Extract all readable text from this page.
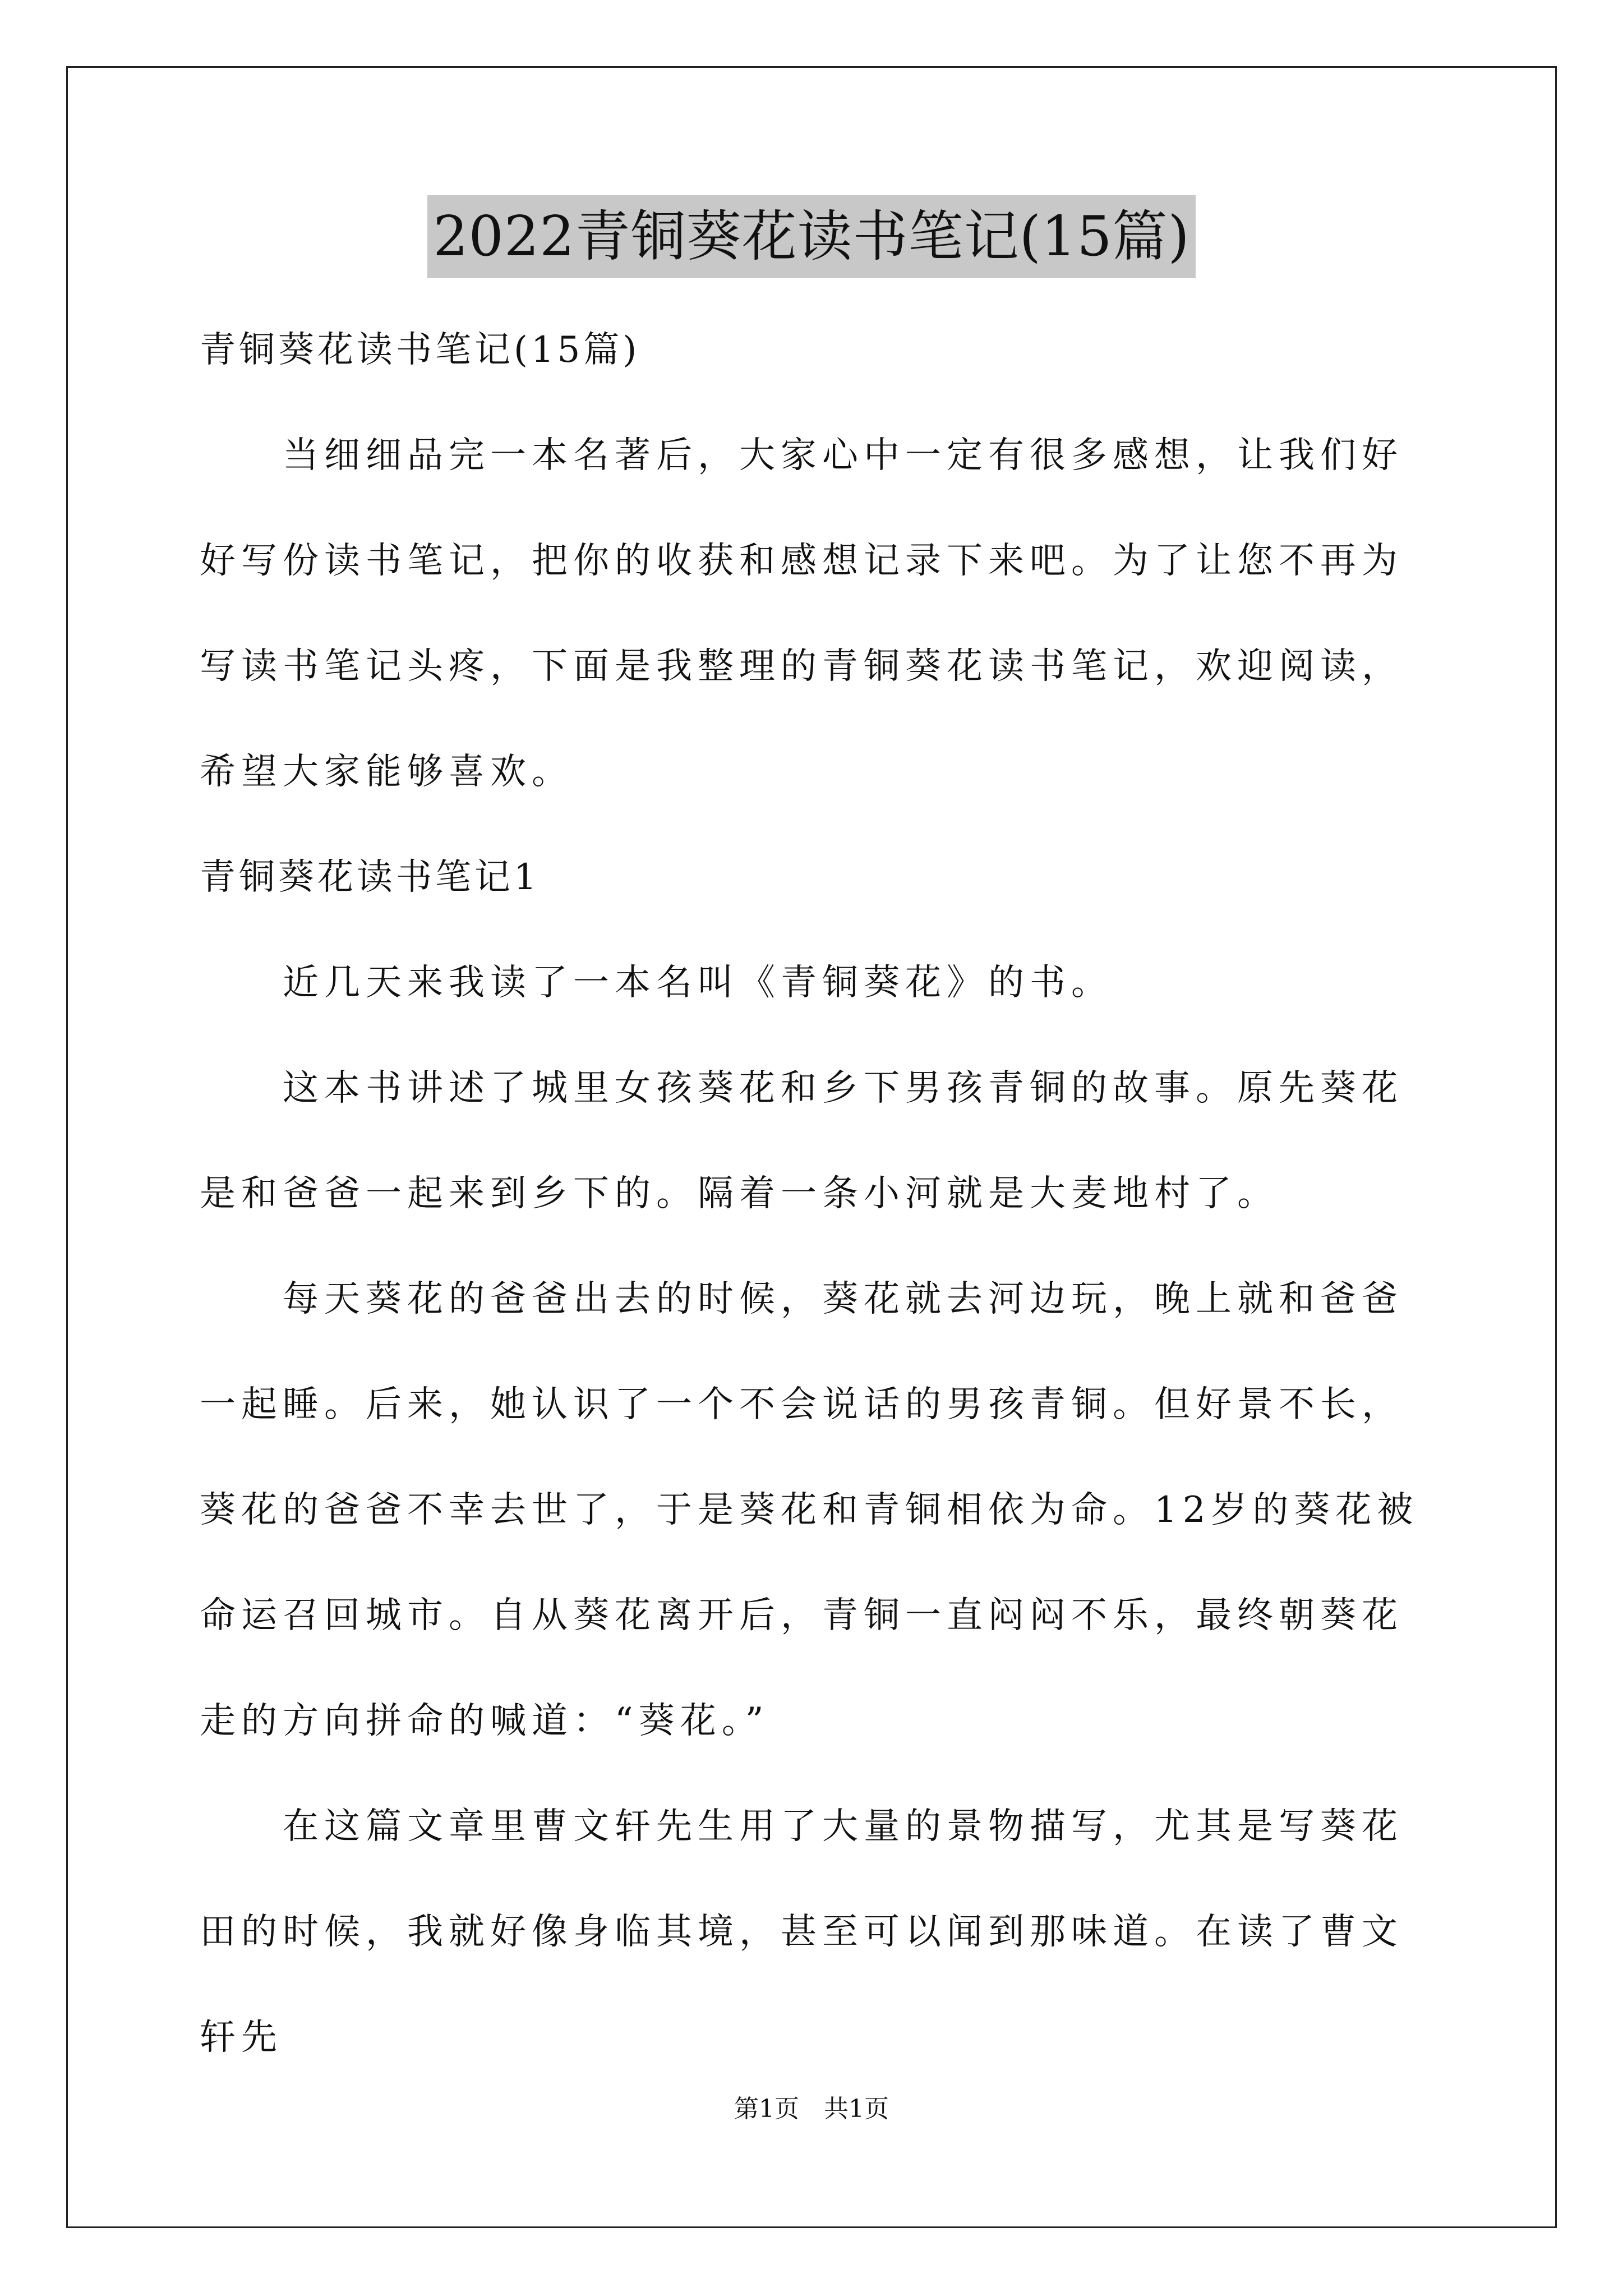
2022青铜葵花读书笔记(15篇)

青铜葵花读书笔记(15篇)

当细细品完一本名著后，大家心中一定有很多感想，让我们好好写份读书笔记，把你的收获和感想记录下来吧。为了让您不再为写读书笔记头疼，下面是我整理的青铜葵花读书笔记，欢迎阅读，希望大家能够喜欢。

青铜葵花读书笔记1

近几天来我读了一本名叫《青铜葵花》的书。

这本书讲述了城里女孩葵花和乡下男孩青铜的故事。原先葵花是和爸爸一起来到乡下的。隔着一条小河就是大麦地村了。

每天葵花的爸爸出去的时候，葵花就去河边玩，晚上就和爸爸一起睡。后来，她认识了一个不会说话的男孩青铜。但好景不长，葵花的爸爸不幸去世了，于是葵花和青铜相依为命。12岁的葵花被命运召回城市。自从葵花离开后，青铜一直闷闷不乐，最终朝葵花走的方向拼命的喊道：“葵花。”

在这篇文章里曹文轩先生用了大量的景物描写，尤其是写葵花田的时候，我就好像身临其境，甚至可以闻到那味道。在读了曹文轩先

第1页　共1页
